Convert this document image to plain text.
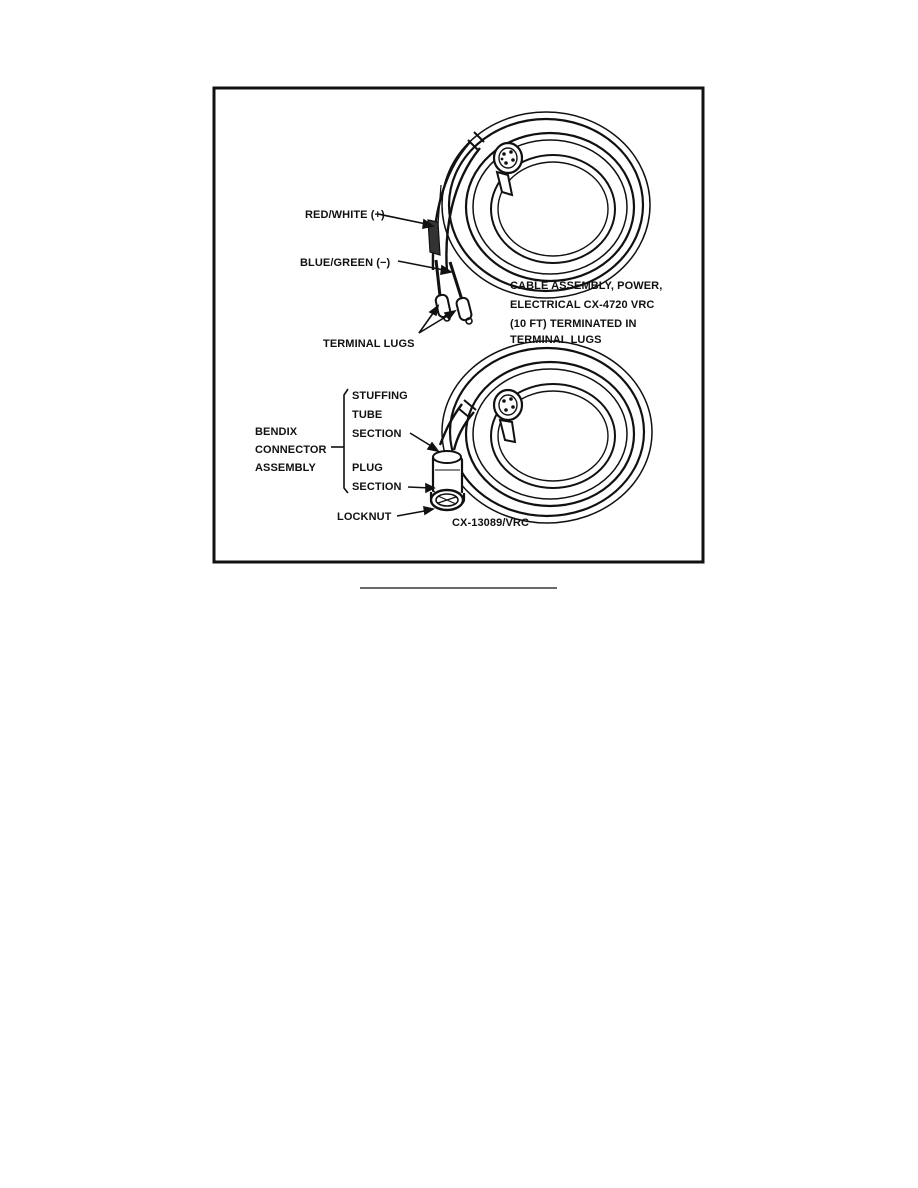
RED/WHITE (+)
BLUE/GREEN (−)
TERMINAL LUGS
CABLE ASSEMBLY, POWER,
ELECTRICAL CX-4720 VRC
(10 FT) TERMINATED IN
TERMINAL LUGS
BENDIX
CONNECTOR
ASSEMBLY
STUFFING
TUBE
SECTION
PLUG
SECTION
LOCKNUT	CX-13089/VRC
